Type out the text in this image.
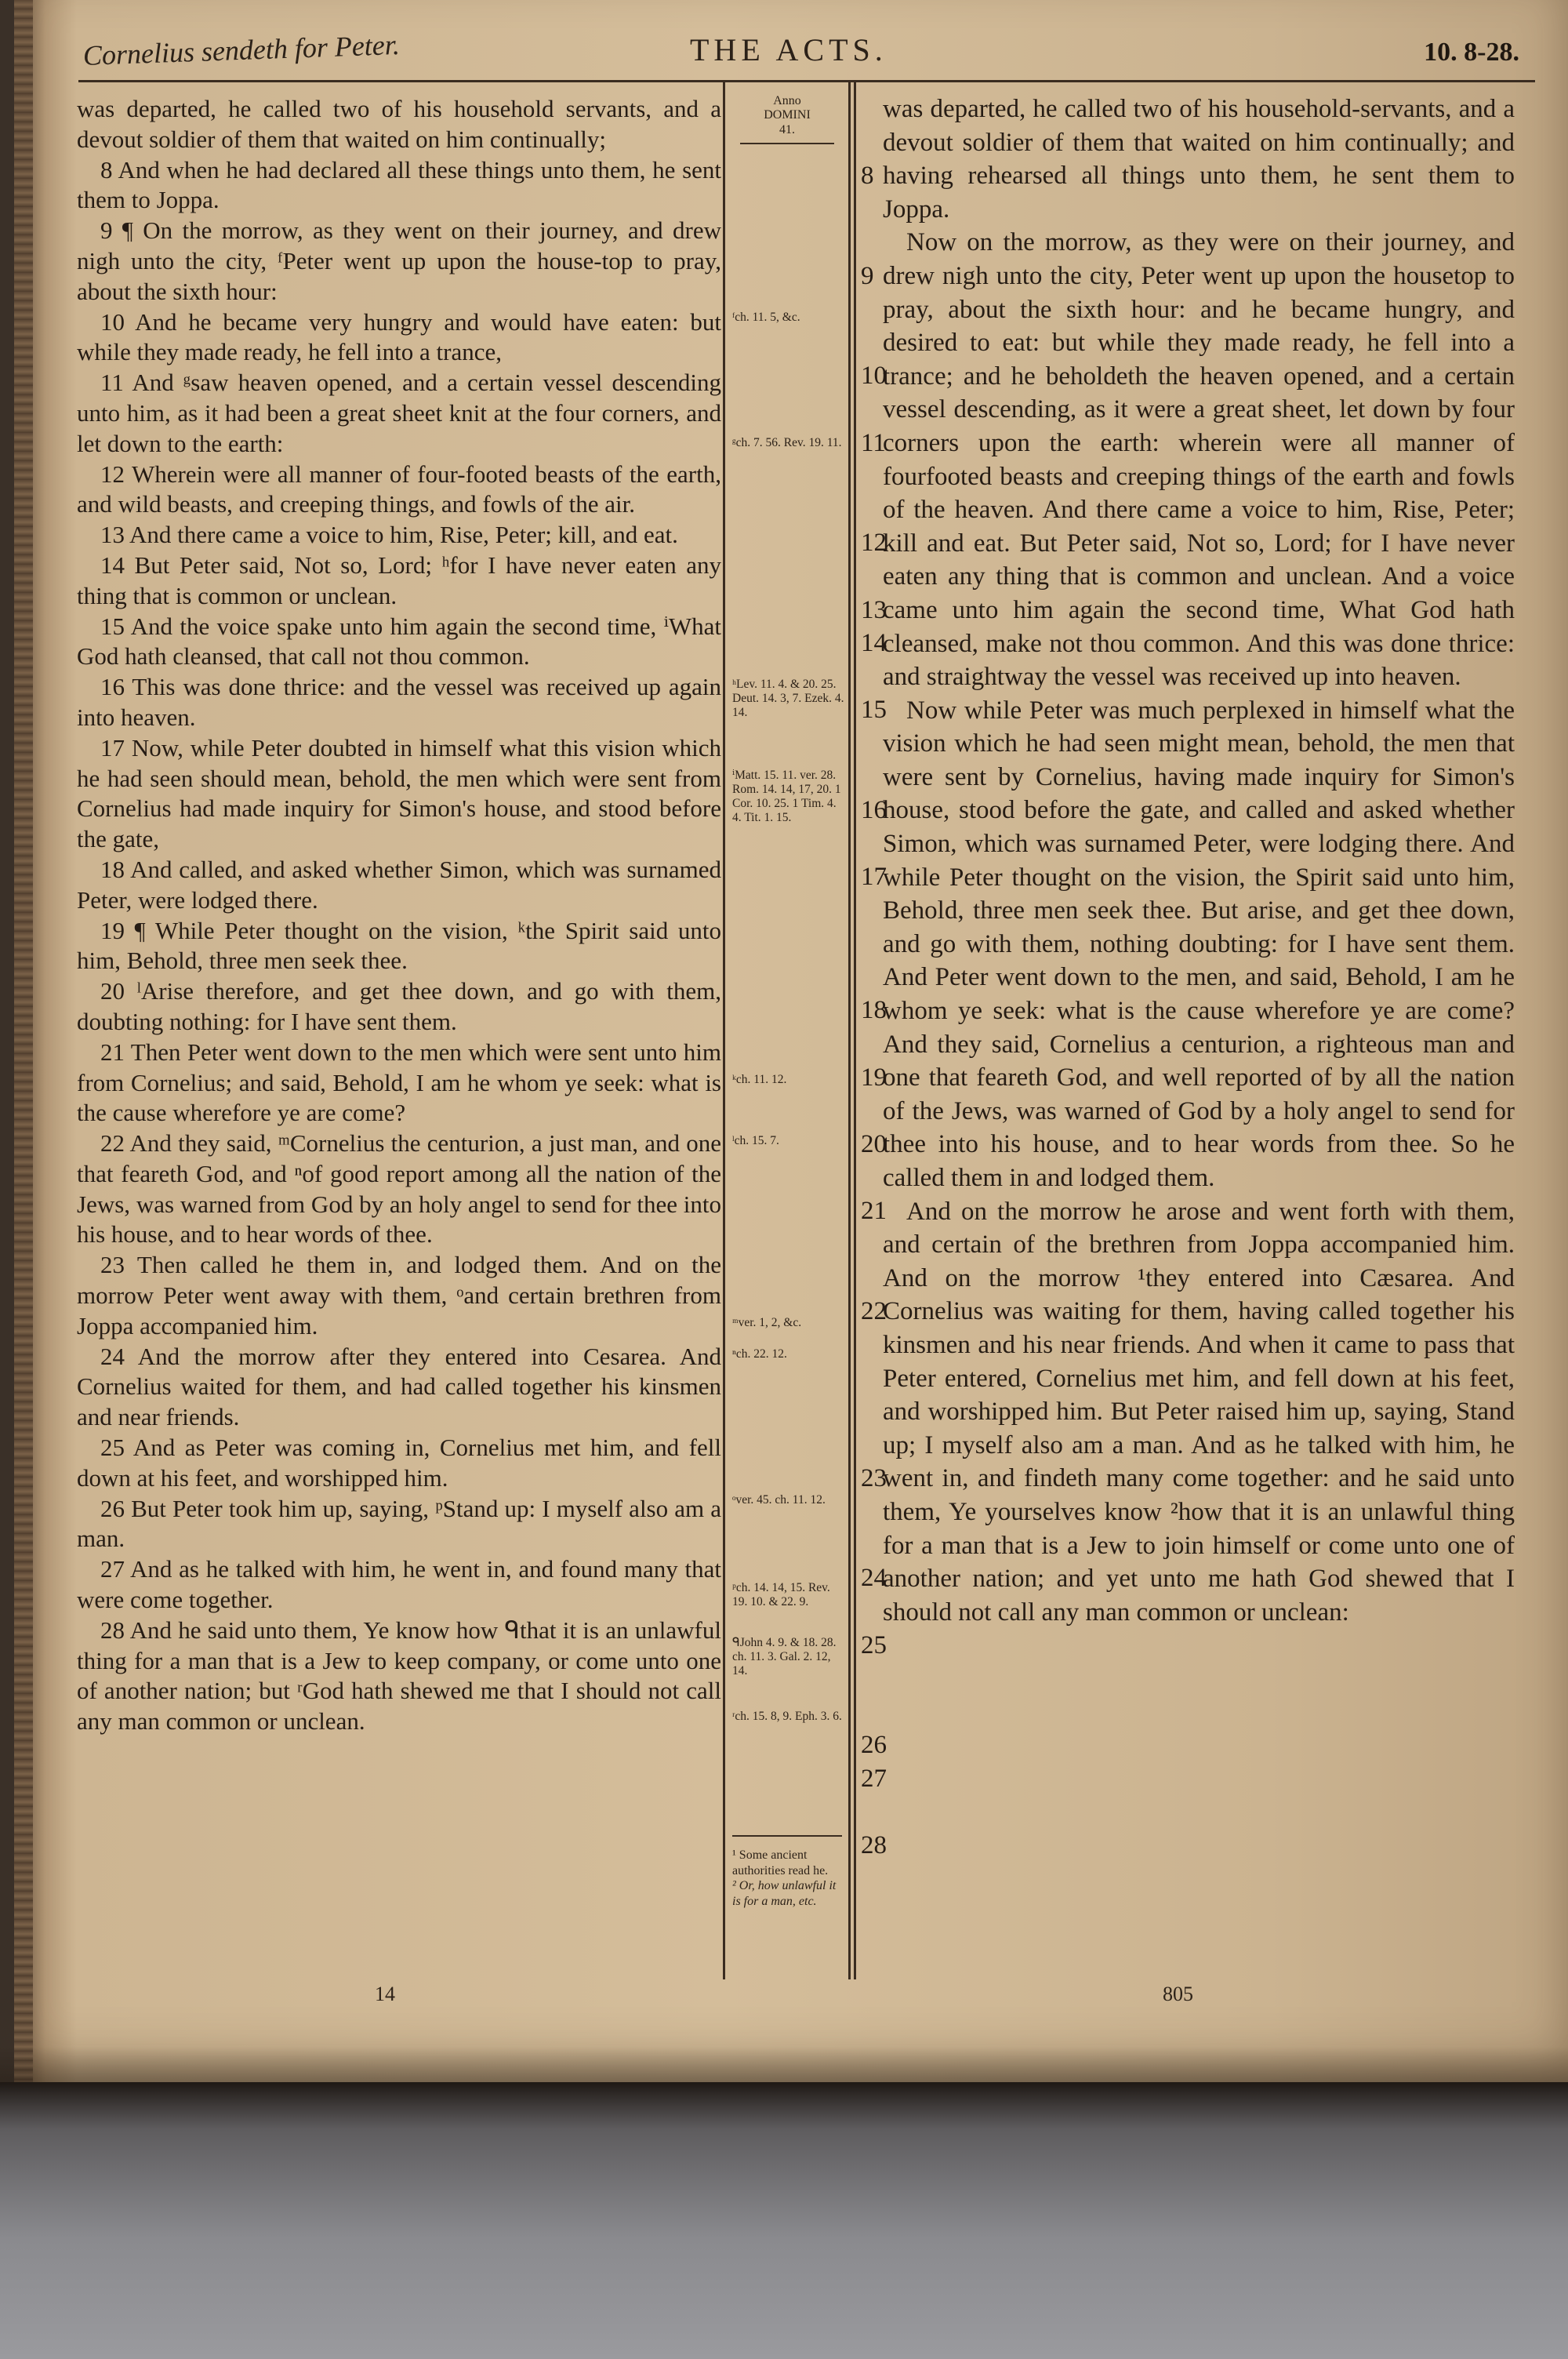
Cornelius sendeth for Peter.	THE ACTS.	10. 8-28.

was departed, he called two of his household servants, and a devout soldier of them that waited on him continually;

8 And when he had declared all these things unto them, he sent them to Joppa.

9 ¶ On the morrow, as they went on their journey, and drew nigh unto the city, ᶠPeter went up upon the house-top to pray, about the sixth hour:

10 And he became very hungry and would have eaten: but while they made ready, he fell into a trance,

11 And ᵍsaw heaven opened, and a certain vessel descending unto him, as it had been a great sheet knit at the four corners, and let down to the earth:

12 Wherein were all manner of four-footed beasts of the earth, and wild beasts, and creeping things, and fowls of the air.

13 And there came a voice to him, Rise, Peter; kill, and eat.

14 But Peter said, Not so, Lord; ʰfor I have never eaten any thing that is common or unclean.

15 And the voice spake unto him again the second time, ⁱWhat God hath cleansed, that call not thou common.

16 This was done thrice: and the vessel was received up again into heaven.

17 Now, while Peter doubted in himself what this vision which he had seen should mean, behold, the men which were sent from Cornelius had made inquiry for Simon's house, and stood before the gate,

18 And called, and asked whether Simon, which was surnamed Peter, were lodged there.

19 ¶ While Peter thought on the vision, ᵏthe Spirit said unto him, Behold, three men seek thee.

20 ˡArise therefore, and get thee down, and go with them, doubting nothing: for I have sent them.

21 Then Peter went down to the men which were sent unto him from Cornelius; and said, Behold, I am he whom ye seek: what is the cause wherefore ye are come?

22 And they said, ᵐCornelius the centurion, a just man, and one that feareth God, and ⁿof good report among all the nation of the Jews, was warned from God by an holy angel to send for thee into his house, and to hear words of thee.

23 Then called he them in, and lodged them. And on the morrow Peter went away with them, ᵒand certain brethren from Joppa accompanied him.

24 And the morrow after they entered into Cesarea. And Cornelius waited for them, and had called together his kinsmen and near friends.

25 And as Peter was coming in, Cornelius met him, and fell down at his feet, and worshipped him.

26 But Peter took him up, saying, ᵖStand up: I myself also am a man.

27 And as he talked with him, he went in, and found many that were come together.

28 And he said unto them, Ye know how ᑫthat it is an unlawful thing for a man that is a Jew to keep company, or come unto one of another nation; but ʳGod hath shewed me that I should not call any man common or unclean.

Anno
DOMINI
41.
ᶠch. 11. 5, &c.
ᵍch. 7. 56. Rev. 19. 11.
ʰLev. 11. 4. & 20. 25. Deut. 14. 3, 7. Ezek. 4. 14.
ⁱMatt. 15. 11. ver. 28. Rom. 14. 14, 17, 20. 1 Cor. 10. 25. 1 Tim. 4. 4. Tit. 1. 15.
ᵏch. 11. 12.
ˡch. 15. 7.
ᵐver. 1, 2, &c.
ⁿch. 22. 12.
ᵒver. 45. ch. 11. 12.
ᵖch. 14. 14, 15. Rev. 19. 10. & 22. 9.
ᑫJohn 4. 9. & 18. 28. ch. 11. 3. Gal. 2. 12, 14.
ʳch. 15. 8, 9. Eph. 3. 6.
¹ Some ancient authorities read he.
² Or, how unlawful it is for a man, etc.
8
9
10
11
12
13
14
15
16
17
18
19
20
21
22
23
24
25
26
27
28

was departed, he called two of his household-servants, and a devout soldier of them that waited on him continually; and having rehearsed all things unto them, he sent them to Joppa.

Now on the morrow, as they were on their journey, and drew nigh unto the city, Peter went up upon the housetop to pray, about the sixth hour: and he became hungry, and desired to eat: but while they made ready, he fell into a trance; and he beholdeth the heaven opened, and a certain vessel descending, as it were a great sheet, let down by four corners upon the earth: wherein were all manner of fourfooted beasts and creeping things of the earth and fowls of the heaven. And there came a voice to him, Rise, Peter; kill and eat. But Peter said, Not so, Lord; for I have never eaten any thing that is common and unclean. And a voice came unto him again the second time, What God hath cleansed, make not thou common. And this was done thrice: and straightway the vessel was received up into heaven.

Now while Peter was much perplexed in himself what the vision which he had seen might mean, behold, the men that were sent by Cornelius, having made inquiry for Simon's house, stood before the gate, and called and asked whether Simon, which was surnamed Peter, were lodging there. And while Peter thought on the vision, the Spirit said unto him, Behold, three men seek thee. But arise, and get thee down, and go with them, nothing doubting: for I have sent them. And Peter went down to the men, and said, Behold, I am he whom ye seek: what is the cause wherefore ye are come? And they said, Cornelius a centurion, a righteous man and one that feareth God, and well reported of by all the nation of the Jews, was warned of God by a holy angel to send for thee into his house, and to hear words from thee. So he called them in and lodged them.

And on the morrow he arose and went forth with them, and certain of the brethren from Joppa accompanied him. And on the morrow ¹they entered into Cæsarea. And Cornelius was waiting for them, having called together his kinsmen and his near friends. And when it came to pass that Peter entered, Cornelius met him, and fell down at his feet, and worshipped him. But Peter raised him up, saying, Stand up; I myself also am a man. And as he talked with him, he went in, and findeth many come together: and he said unto them, Ye yourselves know ²how that it is an unlawful thing for a man that is a Jew to join himself or come unto one of another nation; and yet unto me hath God shewed that I should not call any man common or unclean:

14	805
